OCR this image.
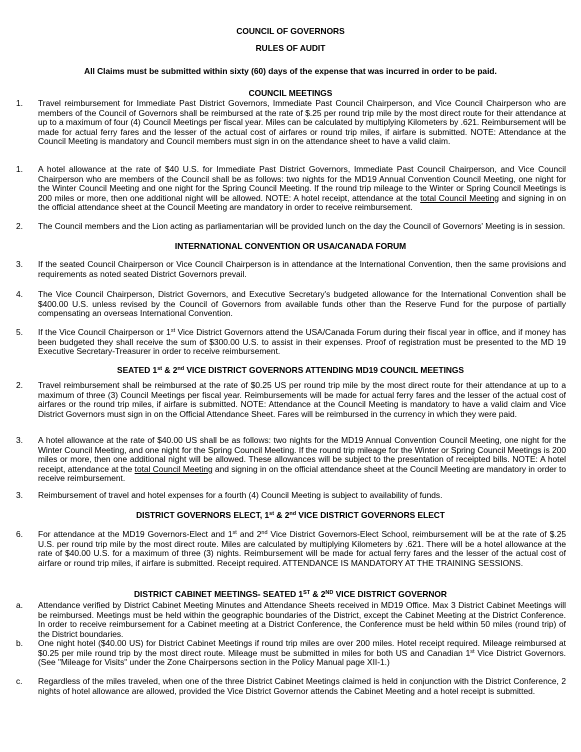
COUNCIL OF GOVERNORS
RULES OF AUDIT
All Claims must be submitted within sixty (60) days of the expense that was incurred in order to be paid.
COUNCIL MEETINGS
1.	Travel reimbursement for Immediate Past District Governors, Immediate Past Council Chairperson, and Vice Council Chairperson who are members of the Council of Governors shall be reimbursed at the rate of $.25 per round trip mile by the most direct route for their attendance at up to a maximum of four (4) Council Meetings per fiscal year. Miles can be calculated by multiplying Kilometers by .621. Reimbursement will be made for actual ferry fares and the lesser of the actual cost of airfares or round trip miles, if airfare is submitted. NOTE: Attendance at the Council Meeting is mandatory and Council members must sign in on the attendance sheet to have a valid claim.

1.	A hotel allowance at the rate of $40 U.S. for Immediate Past District Governors, Immediate Past Council Chairperson, and Vice Council Chairperson who are members of the Council shall be as follows: two nights for the MD19 Annual Convention Council Meeting, one night for the Winter Council Meeting and one night for the Spring Council Meeting. If the round trip mileage to the Winter or Spring Council Meetings is 200 miles or more, then one additional night will be allowed. NOTE: A hotel receipt, attendance at the total Council Meeting and signing in on the official attendance sheet at the Council Meeting are mandatory in order to receive reimbursement.

2.	The Council members and the Lion acting as parliamentarian will be provided lunch on the day the Council of Governors' Meeting is in session.

INTERNATIONAL CONVENTION OR USA/CANADA FORUM
3.	If the seated Council Chairperson or Vice Council Chairperson is in attendance at the International Convention, then the same provisions and requirements as noted seated District Governors prevail.

4.	The Vice Council Chairperson, District Governors, and Executive Secretary's budgeted allowance for the International Convention shall be $400.00 U.S. unless revised by the Council of Governors from available funds other than the Reserve Fund for the purpose of partially compensating an overseas International Convention.

5.	If the Vice Council Chairperson or 1st Vice District Governors attend the USA/Canada Forum during their fiscal year in office, and if money has been budgeted they shall receive the sum of $300.00 U.S. to assist in their expenses. Proof of registration must be presented to the MD 19 Executive Secretary-Treasurer in order to receive reimbursement.

SEATED 1st & 2nd VICE DISTRICT GOVERNORS ATTENDING MD19 COUNCIL MEETINGS
2.	Travel reimbursement shall be reimbursed at the rate of $0.25 US per round trip mile by the most direct route for their attendance at up to a maximum of three (3) Council Meetings per fiscal year. Reimbursements will be made for actual ferry fares and the lesser of the actual cost of airfares or the round trip miles, if airfare is submitted. NOTE: Attendance at the Council Meeting is mandatory to have a valid claim and Vice District Governors must sign in on the Official Attendance Sheet. Fares will be reimbursed in the currency in which they were paid.

3.	A hotel allowance at the rate of $40.00 US shall be as follows: two nights for the MD19 Annual Convention Council Meeting, one night for the Winter Council Meeting, and one night for the Spring Council Meeting. If the round trip mileage for the Winter or Spring Council Meetings is 200 miles or more, then one additional night will be allowed. These allowances will be subject to the presentation of receipted bills. NOTE: A hotel receipt, attendance at the total Council Meeting and signing in on the official attendance sheet at the Council Meeting are mandatory in order to receive reimbursement.

3.	Reimbursement of travel and hotel expenses for a fourth (4) Council Meeting is subject to availability of funds.

DISTRICT GOVERNORS ELECT, 1st & 2nd VICE DISTRICT GOVERNORS ELECT
6.	For attendance at the MD19 Governors-Elect and 1st and 2nd Vice District Governors-Elect School, reimbursement will be at the rate of $.25 U.S. per round trip mile by the most direct route. Miles are calculated by multiplying Kilometers by .621. There will be a hotel allowance at the rate of $40.00 U.S. for a maximum of three (3) nights. Reimbursement will be made for actual ferry fares and the lesser of the actual cost of airfare or round trip miles, if airfare is submitted. Receipt required. ATTENDANCE IS MANDATORY AT THE TRAINING SESSIONS.

DISTRICT CABINET MEETINGS- SEATED 1ST & 2ND VICE DISTRICT GOVERNOR
a.	Attendance verified by District Cabinet Meeting Minutes and Attendance Sheets received in MD19 Office. Max 3 District Cabinet Meetings will be reimbursed. Meetings must be held within the geographic boundaries of the District, except the Cabinet Meeting at the District Conference. In order to receive reimbursement for a Cabinet meeting at a District Conference, the Conference must be held within 50 miles (round trip) of the District boundaries.

b.	One night hotel ($40.00 US) for District Cabinet Meetings if round trip miles are over 200 miles. Hotel receipt required. Mileage reimbursed at $0.25 per mile round trip by the most direct route. Mileage must be submitted in miles for both US and Canadian 1st Vice District Governors. (See "Mileage for Visits" under the Zone Chairpersons section in the Policy Manual page XII-1.)

c.	Regardless of the miles traveled, when one of the three District Cabinet Meetings claimed is held in conjunction with the District Conference, 2 nights of hotel allowance are allowed, provided the Vice District Governor attends the Cabinet Meeting and a hotel receipt is submitted.
